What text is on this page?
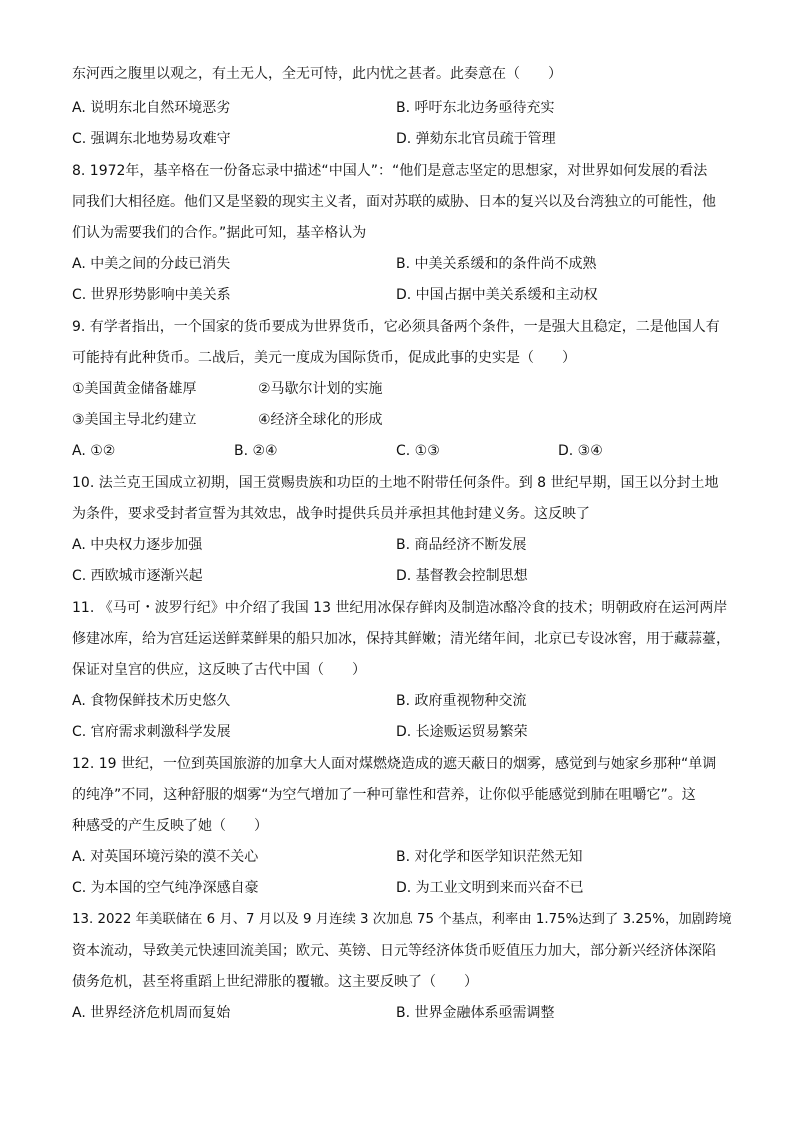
东河西之腹里以观之，有土无人，全无可恃，此内忧之甚者。此奏意在（　　）
A. 说明东北自然环境恶劣	B. 呼吁东北边务亟待充实
C. 强调东北地势易攻难守	D. 弹劾东北官员疏于管理
8. 1972年，基辛格在一份备忘录中描述“中国人”：“他们是意志坚定的思想家，对世界如何发展的看法
同我们大相径庭。他们又是坚毅的现实主义者，面对苏联的威胁、日本的复兴以及台湾独立的可能性，他
们认为需要我们的合作。”据此可知，基辛格认为
A. 中美之间的分歧已消失	B. 中美关系缓和的条件尚不成熟
C. 世界形势影响中美关系	D. 中国占据中美关系缓和主动权
9. 有学者指出，一个国家的货币要成为世界货币，它必须具备两个条件，一是强大且稳定，二是他国人有
可能持有此种货币。二战后，美元一度成为国际货币，促成此事的史实是（　　）
①美国黄金储备雄厚	②马歇尔计划的实施
③美国主导北约建立	④经济全球化的形成
A. ①②	B. ②④	C. ①③	D. ③④
10. 法兰克王国成立初期，国王赏赐贵族和功臣的土地不附带任何条件。到 8 世纪早期，国王以分封土地
为条件，要求受封者宣誓为其效忠，战争时提供兵员并承担其他封建义务。这反映了
A. 中央权力逐步加强	B. 商品经济不断发展
C. 西欧城市逐渐兴起	D. 基督教会控制思想
11. 《马可・波罗行纪》中介绍了我国 13 世纪用冰保存鲜肉及制造冰酪冷食的技术；明朝政府在运河两岸
修建冰库，给为宫廷运送鲜菜鲜果的船只加冰，保持其鲜嫩；清光绪年间，北京已专设冰窖，用于藏蒜薹，
保证对皇宫的供应，这反映了古代中国（　　）
A. 食物保鲜技术历史悠久	B. 政府重视物种交流
C. 官府需求刺激科学发展	D. 长途贩运贸易繁荣
12. 19 世纪，一位到英国旅游的加拿大人面对煤燃烧造成的遮天蔽日的烟雾，感觉到与她家乡那种“单调
的纯净”不同，这种舒服的烟雾“为空气增加了一种可靠性和营养，让你似乎能感觉到肺在咀嚼它”。这
种感受的产生反映了她（　　）
A. 对英国环境污染的漠不关心	B. 对化学和医学知识茫然无知
C. 为本国的空气纯净深感自豪	D. 为工业文明到来而兴奋不已
13. 2022 年美联储在 6 月、7 月以及 9 月连续 3 次加息 75 个基点，利率由 1.75%达到了 3.25%，加剧跨境
资本流动，导致美元快速回流美国；欧元、英镑、日元等经济体货币贬值压力加大，部分新兴经济体深陷
债务危机，甚至将重蹈上世纪滞胀的覆辙。这主要反映了（　　）
A. 世界经济危机周而复始	B. 世界金融体系亟需调整
